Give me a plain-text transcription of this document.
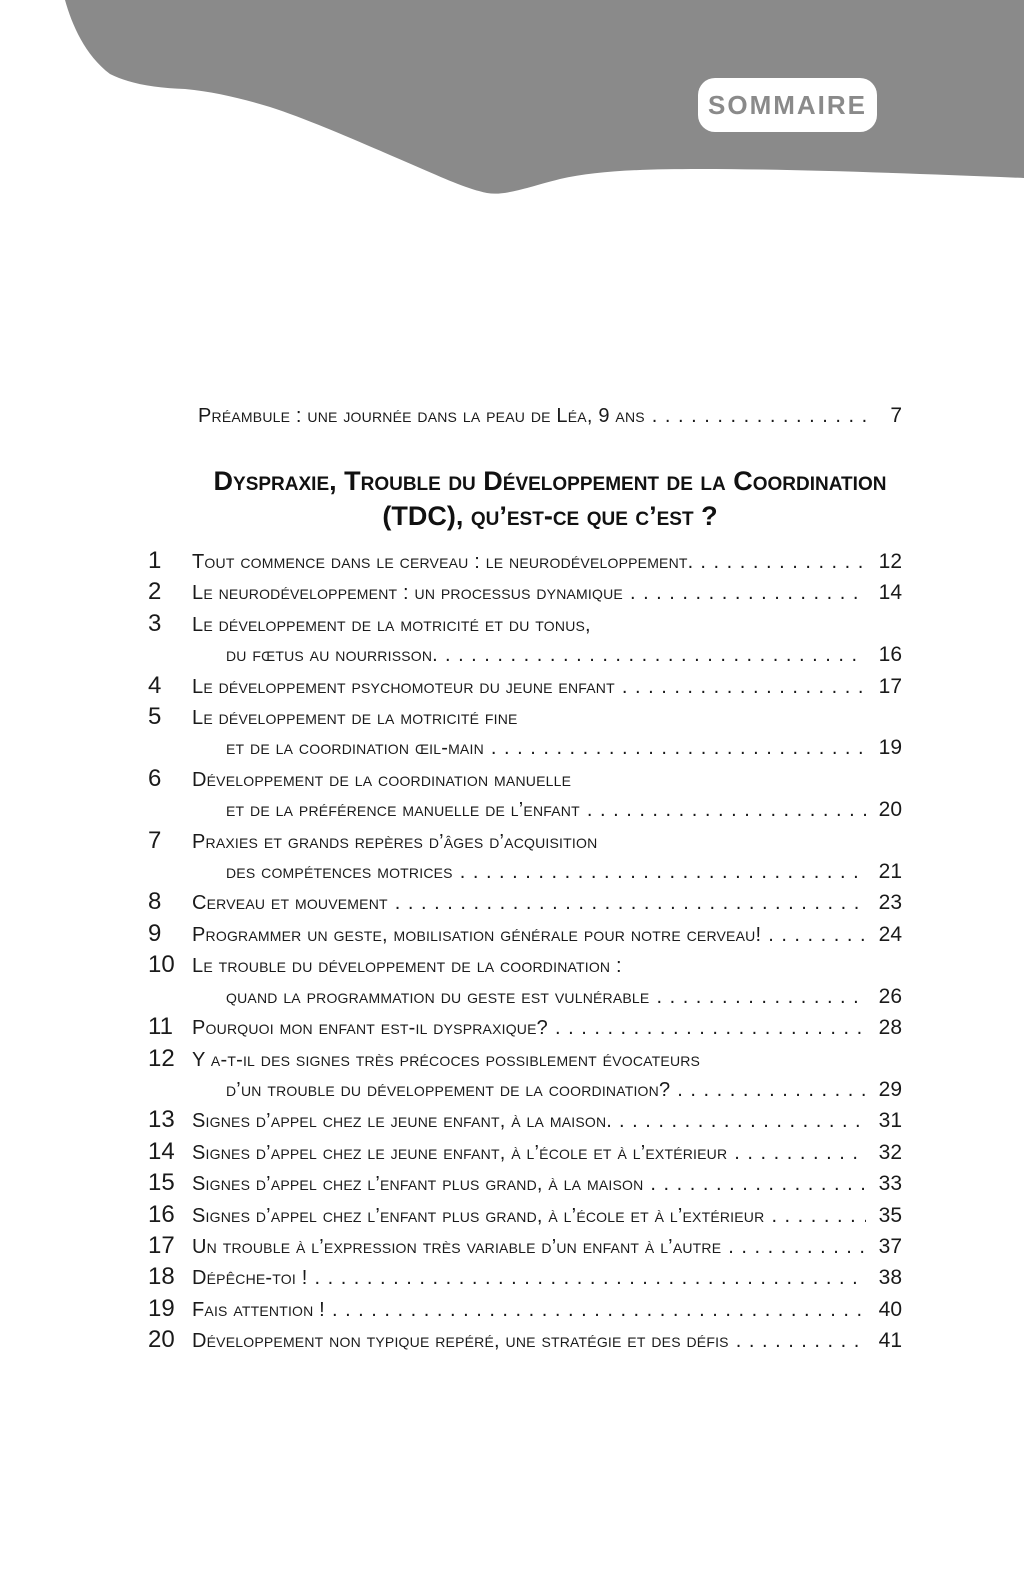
SOMMAIRE
Préambule : une journée dans la peau de Léa, 9 ans . . .	7
Dyspraxie, Trouble du Développement de la Coordination
(TDC), qu’est-ce que c’est ?
1	Tout commence dans le cerveau : le neurodéveloppement. . . .	12
2	Le neurodéveloppement : un processus dynamique . . .	14
3	Le développement de la motricité et du tonus,
du fœtus au nourrisson. . . .	16
4	Le développement psychomoteur du jeune enfant . . .	17
5	Le développement de la motricité fine
et de la coordination œil-main . . .	19
6	Développement de la coordination manuelle
et de la préférence manuelle de l’enfant . . .	20
7	Praxies et grands repères d’âges d’acquisition
des compétences motrices . . .	21
8	Cerveau et mouvement . . .	23
9	Programmer un geste, mobilisation générale pour notre cerveau! . . .	24
10 Le trouble du développement de la coordination :
quand la programmation du geste est vulnérable . . .	26
11 Pourquoi mon enfant est-il dyspraxique? . . .	28
12 Y a-t-il des signes très précoces possiblement évocateurs
d’un trouble du développement de la coordination? . . .	29
13 Signes d’appel chez le jeune enfant, à la maison. . . .	31
14 Signes d’appel chez le jeune enfant, à l’école et à l’extérieur . . .	32
15 Signes d’appel chez l’enfant plus grand, à la maison . . .	33
16 Signes d’appel chez l’enfant plus grand, à l’école et à l’extérieur . . .	35
17 Un trouble à l’expression très variable d’un enfant à l’autre . . .	37
18 Dépêche-toi ! . . .	38
19 Fais attention ! . . .	40
20 Développement non typique repéré, une stratégie et des défis . . .	41
